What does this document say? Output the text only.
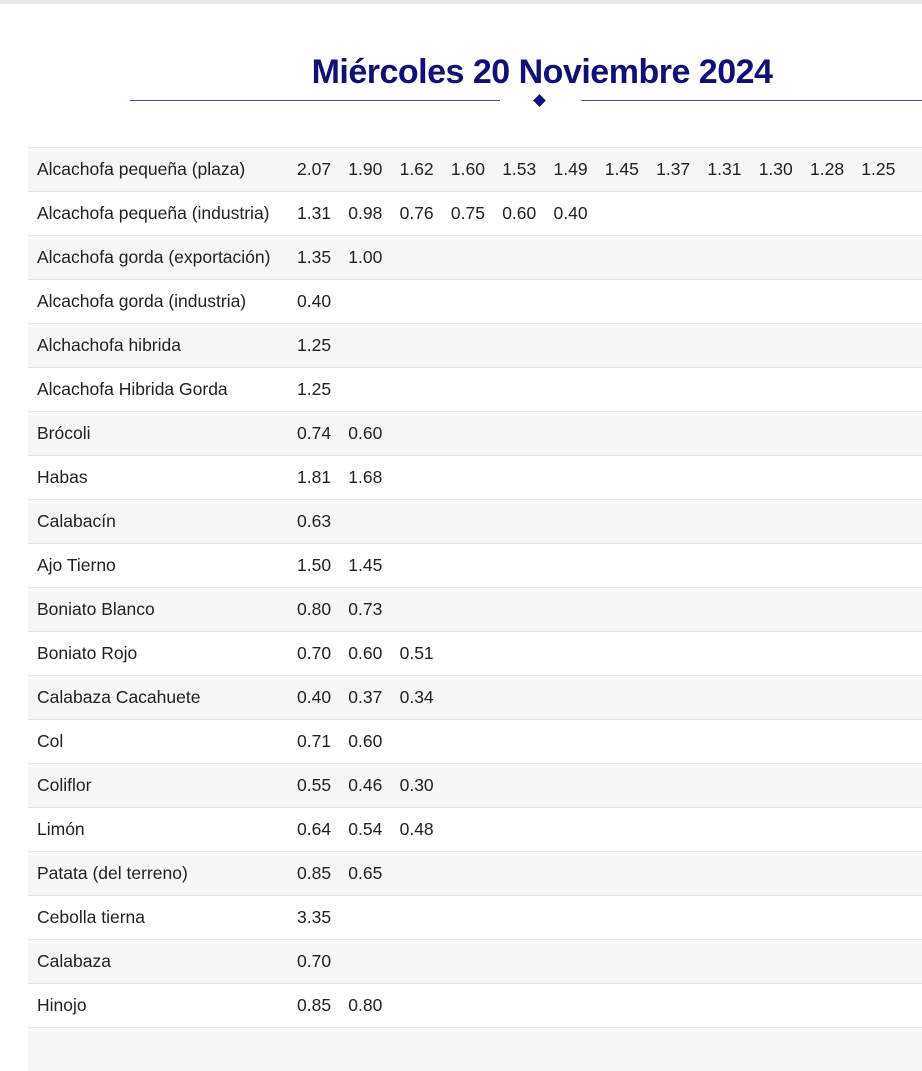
Miércoles 20 Noviembre 2024
Alcachofa pequeña (plaza)	2.07 1.90 1.62 1.60 1.53 1.49 1.45 1.37 1.31 1.30 1.28 1.25
Alcachofa pequeña (industria) 1.31 0.98 0.76 0.75 0.60 0.40
Alcachofa gorda (exportación) 1.35 1.00
Alcachofa gorda (industria)	0.40
Alchachofa hibrida	1.25
Alcachofa Hibrida Gorda	1.25
Brócoli	0.74 0.60
Habas	1.81 1.68
Calabacín	0.63
Ajo Tierno	1.50 1.45
Boniato Blanco	0.80 0.73
Boniato Rojo	0.70 0.60 0.51
Calabaza Cacahuete	0.40 0.37 0.34
Col	0.71 0.60
Coliflor	0.55 0.46 0.30
Limón	0.64 0.54 0.48
Patata (del terreno)	0.85 0.65
Cebolla tierna	3.35
Calabaza	0.70
Hinojo	0.85 0.80
